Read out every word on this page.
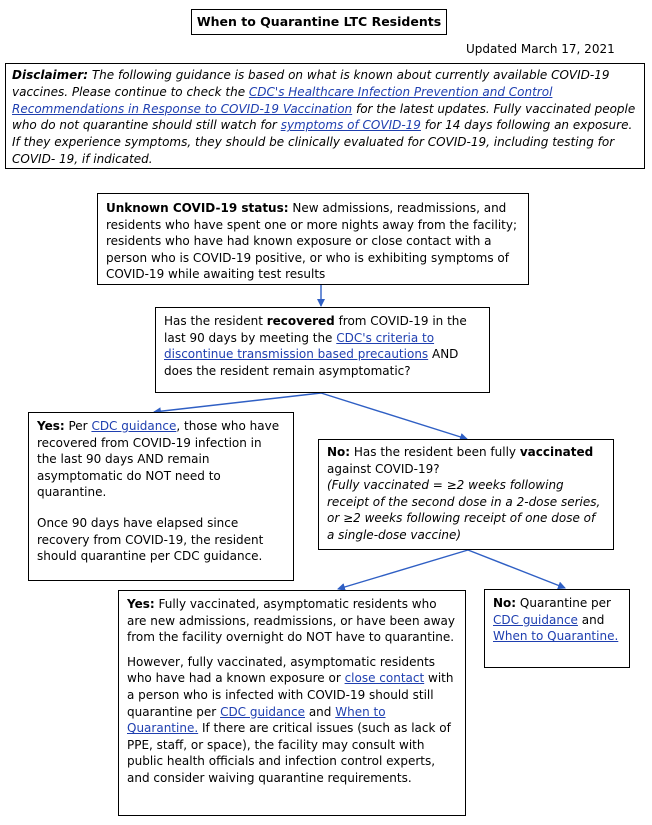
When to Quarantine LTC Residents
Updated March 17, 2021
Disclaimer: The following guidance is based on what is known about currently available COVID-19 vaccines. Please continue to check the CDC's Healthcare Infection Prevention and Control Recommendations in Response to COVID-19 Vaccination for the latest updates. Fully vaccinated people who do not quarantine should still watch for symptoms of COVID-19 for 14 days following an exposure. If they experience symptoms, they should be clinically evaluated for COVID-19, including testing for COVID- 19, if indicated.
Unknown COVID-19 status: New admissions, readmissions, and residents who have spent one or more nights away from the facility; residents who have had known exposure or close contact with a person who is COVID-19 positive, or who is exhibiting symptoms of COVID-19 while awaiting test results
Has the resident recovered from COVID-19 in the last 90 days by meeting the CDC's criteria to discontinue transmission based precautions AND does the resident remain asymptomatic?

Yes: Per CDC guidance, those who have recovered from COVID-19 infection in the last 90 days AND remain asymptomatic do NOT need to quarantine.

Once 90 days have elapsed since recovery from COVID-19, the resident should quarantine per CDC guidance.

No: Has the resident been fully vaccinated against COVID-19?
(Fully vaccinated = ≥2 weeks following receipt of the second dose in a 2-dose series, or ≥2 weeks following receipt of one dose of a single-dose vaccine)

Yes: Fully vaccinated, asymptomatic residents who are new admissions, readmissions, or have been away from the facility overnight do NOT have to quarantine.

However, fully vaccinated, asymptomatic residents who have had a known exposure or close contact with a person who is infected with COVID-19 should still quarantine per CDC guidance and When to Quarantine. If there are critical issues (such as lack of PPE, staff, or space), the facility may consult with public health officials and infection control experts, and consider waiving quarantine requirements.

No: Quarantine per CDC guidance and When to Quarantine.
